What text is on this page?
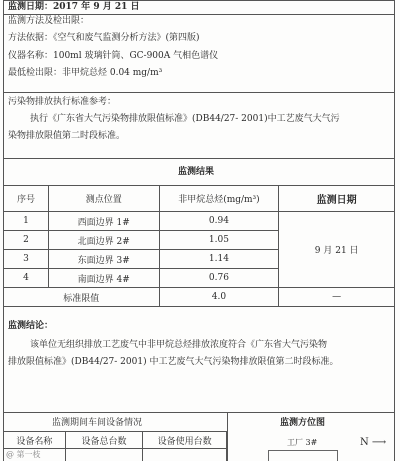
监测日期：2017 年 9 月 21 日
监测方法及检出限：
方法依据：《空气和废气监测分析方法》(第四版)
仪器名称：100ml 玻璃针筒、GC-900A 气相色谱仪
最低检出限：非甲烷总烃 0.04 mg/m³
污染物排放执行标准参考：
执行《广东省大气污染物排放限值标准》(DB44/27- 2001)中工艺废气大气污
染物排放限值第二时段标准。
监测结果
序号	测点位置	非甲烷总烃(mg/m³)	监测日期
1	西面边界 1#	0.94	9 月 21 日
2	北面边界 2#	1.05	
3	东面边界 3#	1.14	
4	南面边界 4#	0.76	
标准限值		4.0	—
监测结论：
该单位无组织排放工艺废气中非甲烷总烃排放浓度符合《广东省大气污染物
排放限值标准》(DB44/27- 2001) 中工艺废气大气污染物排放限值第二时段标准。
监测期间车间设备情况	监测方位图
设备名称	设备总台数	设备使用台数
			工厂 3#	N ⟶
@ 第一枝
